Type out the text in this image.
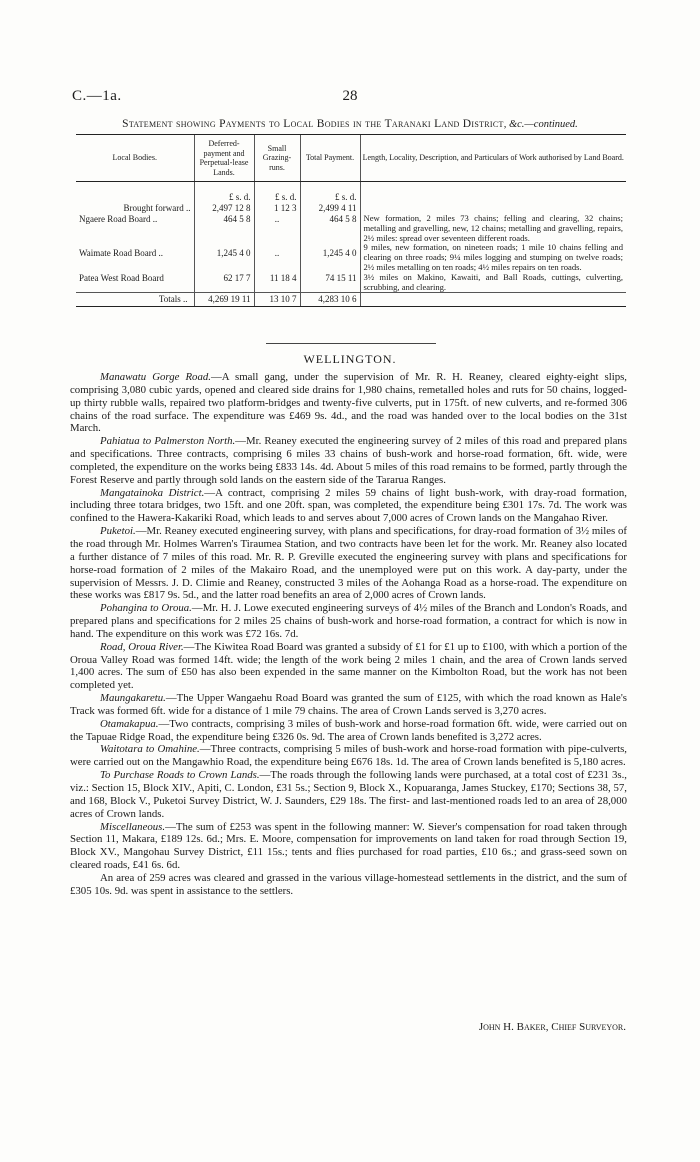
28
C.—1a.
Statement showing Payments to Local Bodies in the Taranaki Land District, &c.—continued.
Local Bodies.	Deferred-payment and Perpetual-lease Lands.	Small Grazing-runs.	Total Payment.	Length, Locality, Description, and Particulars of Work authorised by Land Board.
	£ s. d.	£ s. d.	£ s. d.	
Brought forward ..	2,497 12 8	1 12 3	2,499 4 11	
Ngaere Road Board ..	464 5 8	..	464 5 8	New formation, 2 miles 73 chains; felling and clearing, 32 chains; metalling and gravelling, new, 12 chains; metalling and gravelling, repairs, 2½ miles: spread over seventeen different roads.
Waimate Road Board ..	1,245 4 0	..	1,245 4 0	9 miles, new formation, on nineteen roads; 1 mile 10 chains felling and clearing on three roads; 9¼ miles logging and stumping on twelve roads; 2½ miles metalling on ten roads; 4½ miles repairs on ten roads.
Patea West Road Board	62 17 7	11 18 4	74 15 11	3½ miles on Makino, Kawaiti, and Ball Roads, cuttings, culverting, scrubbing, and clearing.
Totals ..	4,269 19 11	13 10 7	4,283 10 6	
WELLINGTON.

Manawatu Gorge Road.—A small gang, under the supervision of Mr. R. H. Reaney, cleared eighty-eight slips, comprising 3,080 cubic yards, opened and cleared side drains for 1,980 chains, remetalled holes and ruts for 50 chains, logged-up thirty rubble walls, repaired two platform-bridges and twenty-five culverts, put in 175ft. of new culverts, and re-formed 306 chains of the road surface. The expenditure was £469 9s. 4d., and the road was handed over to the local bodies on the 31st March.

Pahiatua to Palmerston North.—Mr. Reaney executed the engineering survey of 2 miles of this road and prepared plans and specifications. Three contracts, comprising 6 miles 33 chains of bush-work and horse-road formation, 6ft. wide, were completed, the expenditure on the works being £833 14s. 4d. About 5 miles of this road remains to be formed, partly through the Forest Reserve and partly through sold lands on the eastern side of the Tararua Ranges.

Mangatainoka District.—A contract, comprising 2 miles 59 chains of light bush-work, with dray-road formation, including three totara bridges, two 15ft. and one 20ft. span, was completed, the expenditure being £301 17s. 7d. The work was confined to the Hawera-Kakariki Road, which leads to and serves about 7,000 acres of Crown lands on the Mangahao River.

Puketoi.—Mr. Reaney executed engineering survey, with plans and specifications, for dray-road formation of 3½ miles of the road through Mr. Holmes Warren's Tiraumea Station, and two contracts have been let for the work. Mr. Reaney also located a further distance of 7 miles of this road. Mr. R. P. Greville executed the engineering survey with plans and specifications for horse-road formation of 2 miles of the Makairo Road, and the unemployed were put on this work. A day-party, under the supervision of Messrs. J. D. Climie and Reaney, constructed 3 miles of the Aohanga Road as a horse-road. The expenditure on these works was £817 9s. 5d., and the latter road benefits an area of 2,000 acres of Crown lands.

Pohangina to Oroua.—Mr. H. J. Lowe executed engineering surveys of 4½ miles of the Branch and London's Roads, and prepared plans and specifications for 2 miles 25 chains of bush-work and horse-road formation, a contract for which is now in hand. The expenditure on this work was £72 16s. 7d.

Road, Oroua River.—The Kiwitea Road Board was granted a subsidy of £1 for £1 up to £100, with which a portion of the Oroua Valley Road was formed 14ft. wide; the length of the work being 2 miles 1 chain, and the area of Crown lands served 1,400 acres. The sum of £50 has also been expended in the same manner on the Kimbolton Road, but the work has not been completed yet.

Maungakaretu.—The Upper Wangaehu Road Board was granted the sum of £125, with which the road known as Hale's Track was formed 6ft. wide for a distance of 1 mile 79 chains. The area of Crown Lands served is 3,270 acres.

Otamakapua.—Two contracts, comprising 3 miles of bush-work and horse-road formation 6ft. wide, were carried out on the Tapuae Ridge Road, the expenditure being £326 0s. 9d. The area of Crown lands benefited is 3,272 acres.

Waitotara to Omahine.—Three contracts, comprising 5 miles of bush-work and horse-road formation with pipe-culverts, were carried out on the Mangawhio Road, the expenditure being £676 18s. 1d. The area of Crown lands benefited is 5,180 acres.

To Purchase Roads to Crown Lands.—The roads through the following lands were purchased, at a total cost of £231 3s., viz.: Section 15, Block XIV., Apiti, C. London, £31 5s.; Section 9, Block X., Kopuaranga, James Stuckey, £170; Sections 38, 57, and 168, Block V., Puketoi Survey District, W. J. Saunders, £29 18s. The first- and last-mentioned roads led to an area of 28,000 acres of Crown lands.

Miscellaneous.—The sum of £253 was spent in the following manner: W. Siever's compensation for road taken through Section 11, Makara, £189 12s. 6d.; Mrs. E. Moore, compensation for improvements on land taken for road through Section 19, Block XV., Mangohau Survey District, £11 15s.; tents and flies purchased for road parties, £10 6s.; and grass-seed sown on cleared roads, £41 6s. 6d.

An area of 259 acres was cleared and grassed in the various village-homestead settlements in the district, and the sum of £305 10s. 9d. was spent in assistance to the settlers.

John H. Baker, Chief Surveyor.
